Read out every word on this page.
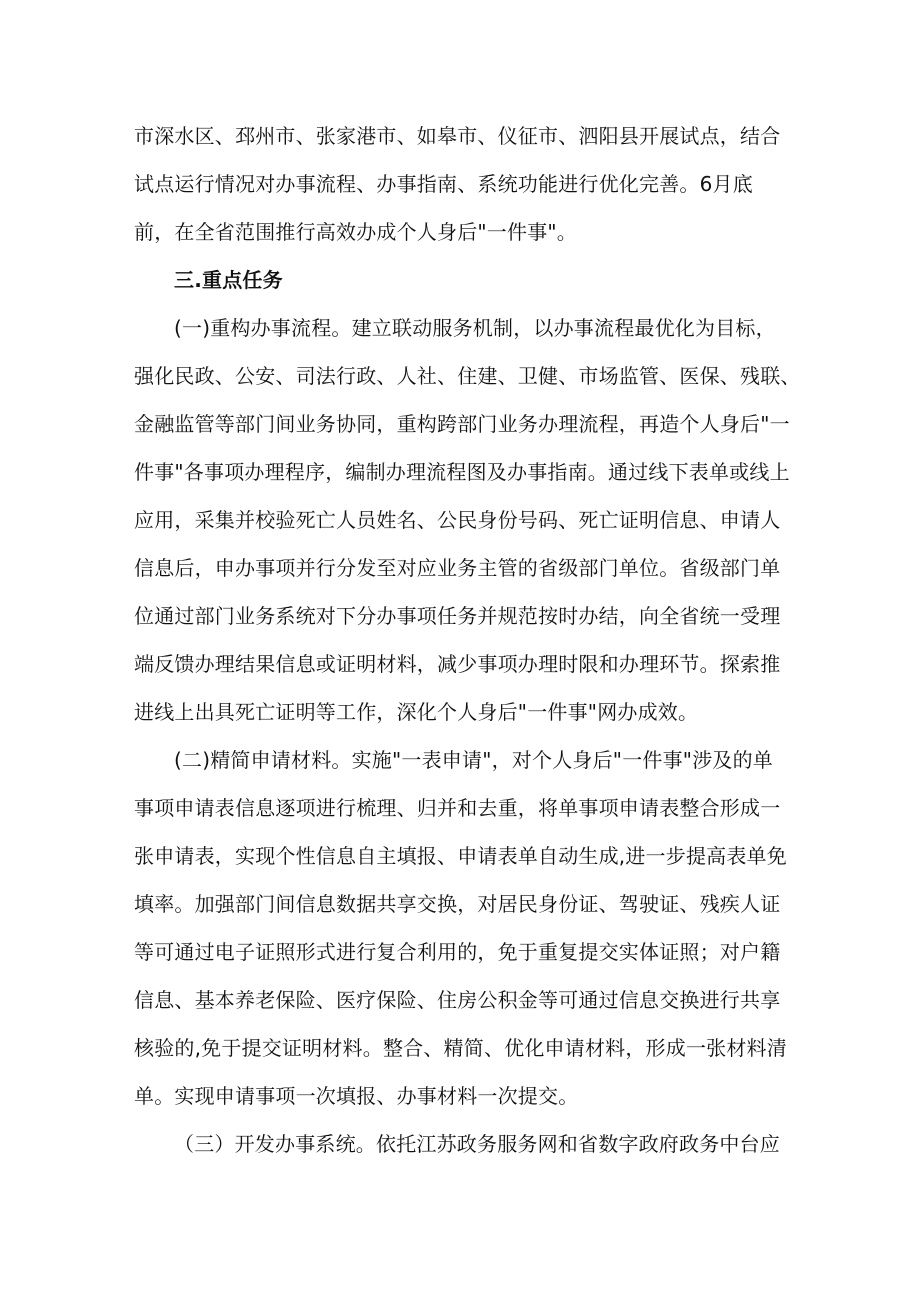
市深水区、邳州市、张家港市、如皋市、仪征市、泗阳县开展试点，结合
试点运行情况对办事流程、办事指南、系统功能进行优化完善。6月底
前，在全省范围推行高效办成个人身后"一件事"。
三.重点任务
(一)重构办事流程。建立联动服务机制，以办事流程最优化为目标，
强化民政、公安、司法行政、人社、住建、卫健、市场监管、医保、残联、
金融监管等部门间业务协同，重构跨部门业务办理流程，再造个人身后"一
件事"各事项办理程序，编制办理流程图及办事指南。通过线下表单或线上
应用，采集并校验死亡人员姓名、公民身份号码、死亡证明信息、申请人
信息后，申办事项并行分发至对应业务主管的省级部门单位。省级部门单
位通过部门业务系统对下分办事项任务并规范按时办结，向全省统一受理
端反馈办理结果信息或证明材料，减少事项办理时限和办理环节。探索推
进线上出具死亡证明等工作，深化个人身后"一件事"网办成效。
(二)精简申请材料。实施"一表申请"，对个人身后"一件事"涉及的单
事项申请表信息逐项进行梳理、归并和去重，将单事项申请表整合形成一
张申请表，实现个性信息自主填报、申请表单自动生成,进一步提高表单免
填率。加强部门间信息数据共享交换，对居民身份证、驾驶证、残疾人证
等可通过电子证照形式进行复合利用的，免于重复提交实体证照；对户籍
信息、基本养老保险、医疗保险、住房公积金等可通过信息交换进行共享
核验的,免于提交证明材料。整合、精简、优化申请材料，形成一张材料清
单。实现申请事项一次填报、办事材料一次提交。
（三）开发办事系统。依托江苏政务服务网和省数字政府政务中台应
